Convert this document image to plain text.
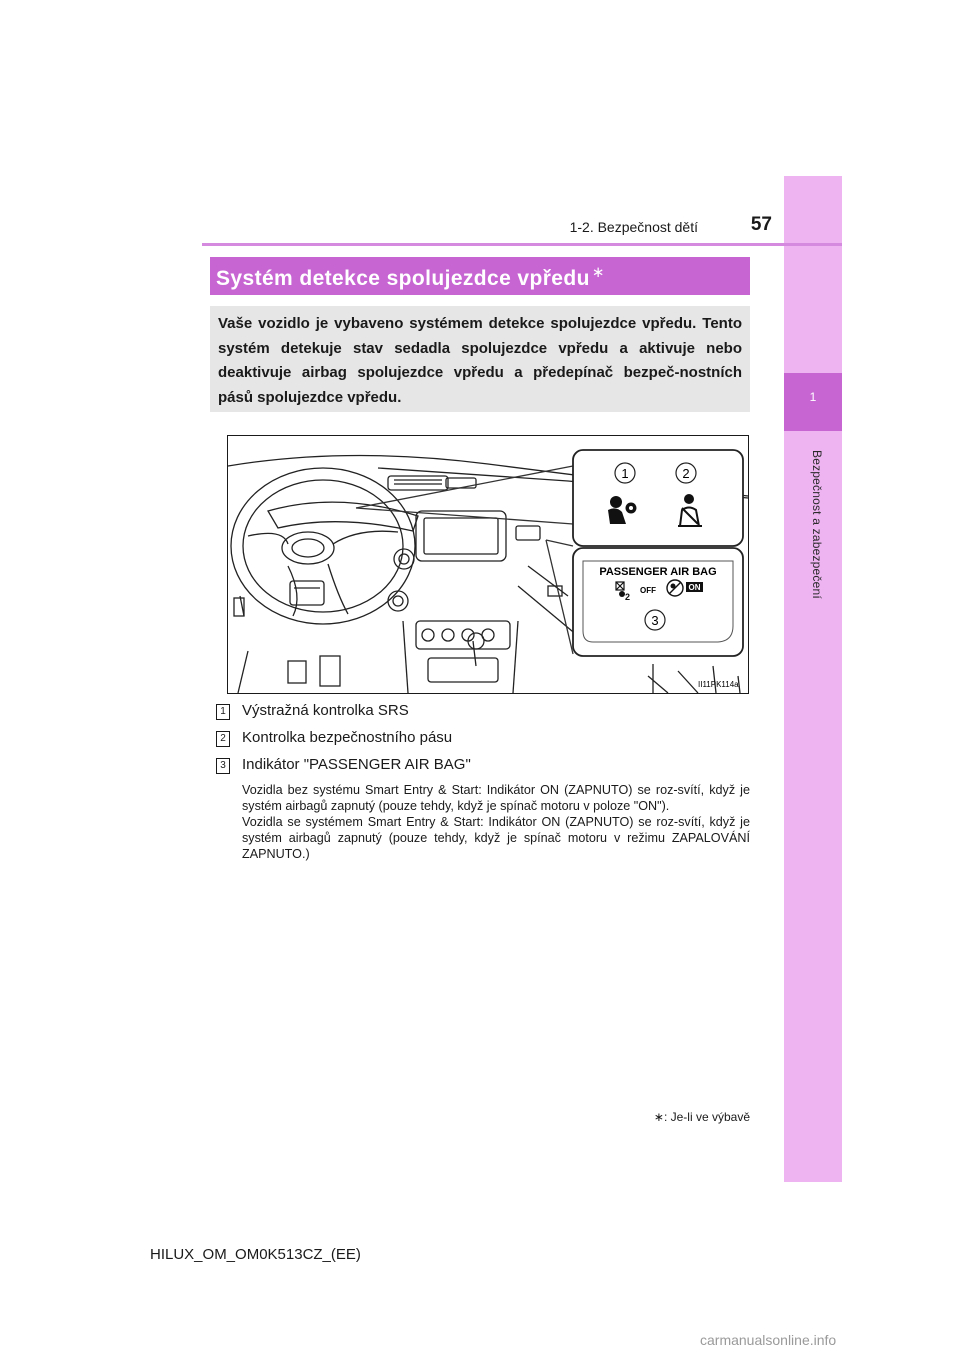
1
Bezpečnost a zabezpečení
1-2. Bezpečnost dětí	57
Systém detekce spolujezdce vpředu ∗
Vaše vozidlo je vybaveno systémem detekce spolujezdce vpředu. Tento systém detekuje stav sedadla spolujezdce vpředu a aktivuje nebo deaktivuje airbag spolujezdce vpředu a předepínač bezpeč-nostních pásů spolujezdce vpředu.
1	2
PASSENGER AIR BAG
2
OFF	ON
3
II11PK114a
1 Výstražná kontrolka SRS
2 Kontrolka bezpečnostního pásu
3 Indikátor "PASSENGER AIR BAG"

Vozidla bez systému Smart Entry & Start: Indikátor ON (ZAPNUTO) se roz-svítí, když je systém airbagů zapnutý (pouze tehdy, když je spínač motoru v poloze "ON").

Vozidla se systémem Smart Entry & Start: Indikátor ON (ZAPNUTO) se roz-svítí, když je systém airbagů zapnutý (pouze tehdy, když je spínač motoru v režimu ZAPALOVÁNÍ ZAPNUTO.)

∗: Je-li ve výbavě
HILUX_OM_OM0K513CZ_(EE)
carmanualsonline.info
